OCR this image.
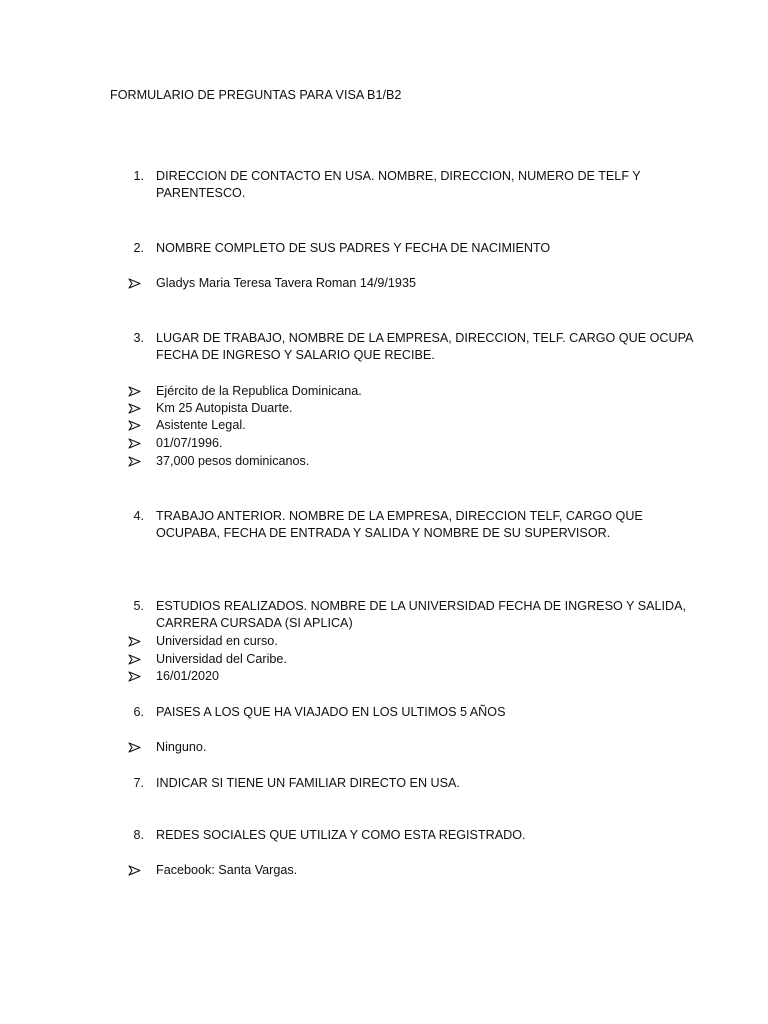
FORMULARIO DE PREGUNTAS PARA VISA B1/B2
1. DIRECCION DE CONTACTO EN USA. NOMBRE, DIRECCION, NUMERO DE TELF Y
PARENTESCO.
2. NOMBRE COMPLETO DE SUS PADRES Y FECHA DE NACIMIENTO
Gladys Maria Teresa Tavera Roman 14/9/1935
3. LUGAR DE TRABAJO, NOMBRE DE LA EMPRESA, DIRECCION, TELF. CARGO QUE OCUPA
FECHA DE INGRESO Y SALARIO QUE RECIBE.
Ejército de la Republica Dominicana.
Km 25 Autopista Duarte.
Asistente Legal.
01/07/1996.
37,000 pesos dominicanos.
4. TRABAJO ANTERIOR. NOMBRE DE LA EMPRESA, DIRECCION TELF, CARGO QUE
OCUPABA, FECHA DE ENTRADA Y SALIDA Y NOMBRE DE SU SUPERVISOR.
5. ESTUDIOS REALIZADOS. NOMBRE DE LA UNIVERSIDAD FECHA DE INGRESO Y SALIDA,
CARRERA CURSADA (SI APLICA)
Universidad en curso.
Universidad del Caribe.
16/01/2020
6. PAISES A LOS QUE HA VIAJADO EN LOS ULTIMOS 5 AÑOS
Ninguno.
7. INDICAR SI TIENE UN FAMILIAR DIRECTO EN USA.
8. REDES SOCIALES QUE UTILIZA Y COMO ESTA REGISTRADO.
Facebook: Santa Vargas.
